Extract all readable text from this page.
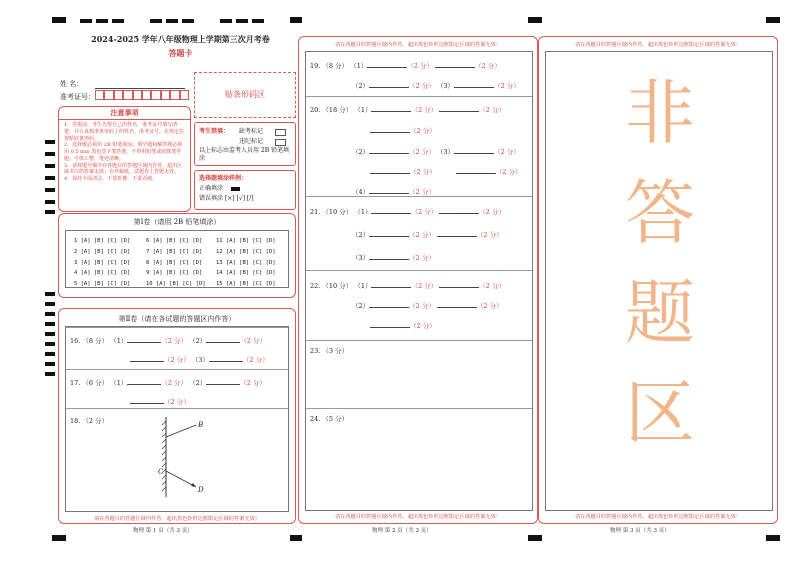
2024-2025 学年八年级物理上学期第三次月考卷
答题卡
姓 名：
准考证号：	贴条形码区
注意事项
1．答题前，考生先将自己的姓名，准考证号填写清楚，并认真核准条形码上的姓名、准考证号，在规定位置贴好条形码。
2．选择题必须用 2B 铅笔填涂；填空题和解答题必须用 0.5 mm 黑色签字笔答题，不得用铅笔或圆珠笔答题；字体工整、笔迹清晰。
3．请按题号顺序在各题目的答题区域内作答，超出区域书写的答案无效；在草稿纸、试题卷上答题无效。
4．保持卡面清洁，不要折叠、不要弄破。
考生禁填： 缺考标记
违纪标记
以上标志由监考人员用 2B 铅笔填涂
选择题填涂样例：
正确填涂
错误填涂 [×] [√] [/]
第Ⅰ卷（请用 2B 铅笔填涂）
1 [A] [B] [C] [D]
2 [A] [B] [C] [D]
3 [A] [B] [C] [D]
4 [A] [B] [C] [D]
5 [A] [B] [C] [D]
6 [A] [B] [C] [D]
7 [A] [B] [C] [D]
8 [A] [B] [C] [D]
9 [A] [B] [C] [D]
10 [A] [B] [C] [D]
11 [A] [B] [C] [D]
12 [A] [B] [C] [D]
13 [A] [B] [C] [D]
14 [A] [B] [C] [D]
15 [A] [B] [C] [D]
第Ⅱ卷（请在各试题的答题区内作答）
16. （8 分） （1）	（2 分） （2）	（2 分）
（2 分） （3）	（2 分）
17. （6 分） （1）	（2 分） （2）	（2 分）
（2 分）
18. （2 分）	B
C
D
请在各题目的答题区域内作答，超出黑色矩形边框限定区域的答案无效！
物理 第 1 页（共 3 页）
请在各题目的答题区域内作答，超出黑色矩形边框限定区域的答案无效！
19. （8 分） （1）	（2 分）	（2 分）
（2）	（2 分） （3）	（2 分）
20. （18 分） （1）	（2 分）	（2 分）
（2 分）
（2）	（2 分） （3）	（2 分）
（2 分）	（2 分）
（4）	（2 分）
21. （10 分） （1）	（2 分）	（2 分）
（2）	（2 分）	（2 分）
（3）	（2 分）
22. （10 分） （1）	（2 分）	（2 分）
（2）	（2 分）	（2 分）
（2 分）
23. （3 分）
24. （5 分）
请在各题目的答题区域内作答，超出黑色矩形边框限定区域的答案无效！
物理 第 2 页（共 3 页）
请在各题目的答题区域内作答，超出黑色矩形边框限定区域的答案无效！
请在各题目的答题区域内作答，超出黑色矩形边框限定区域的答案无效！
非
答
题
区
物理 第 3 页（共 3 页）
